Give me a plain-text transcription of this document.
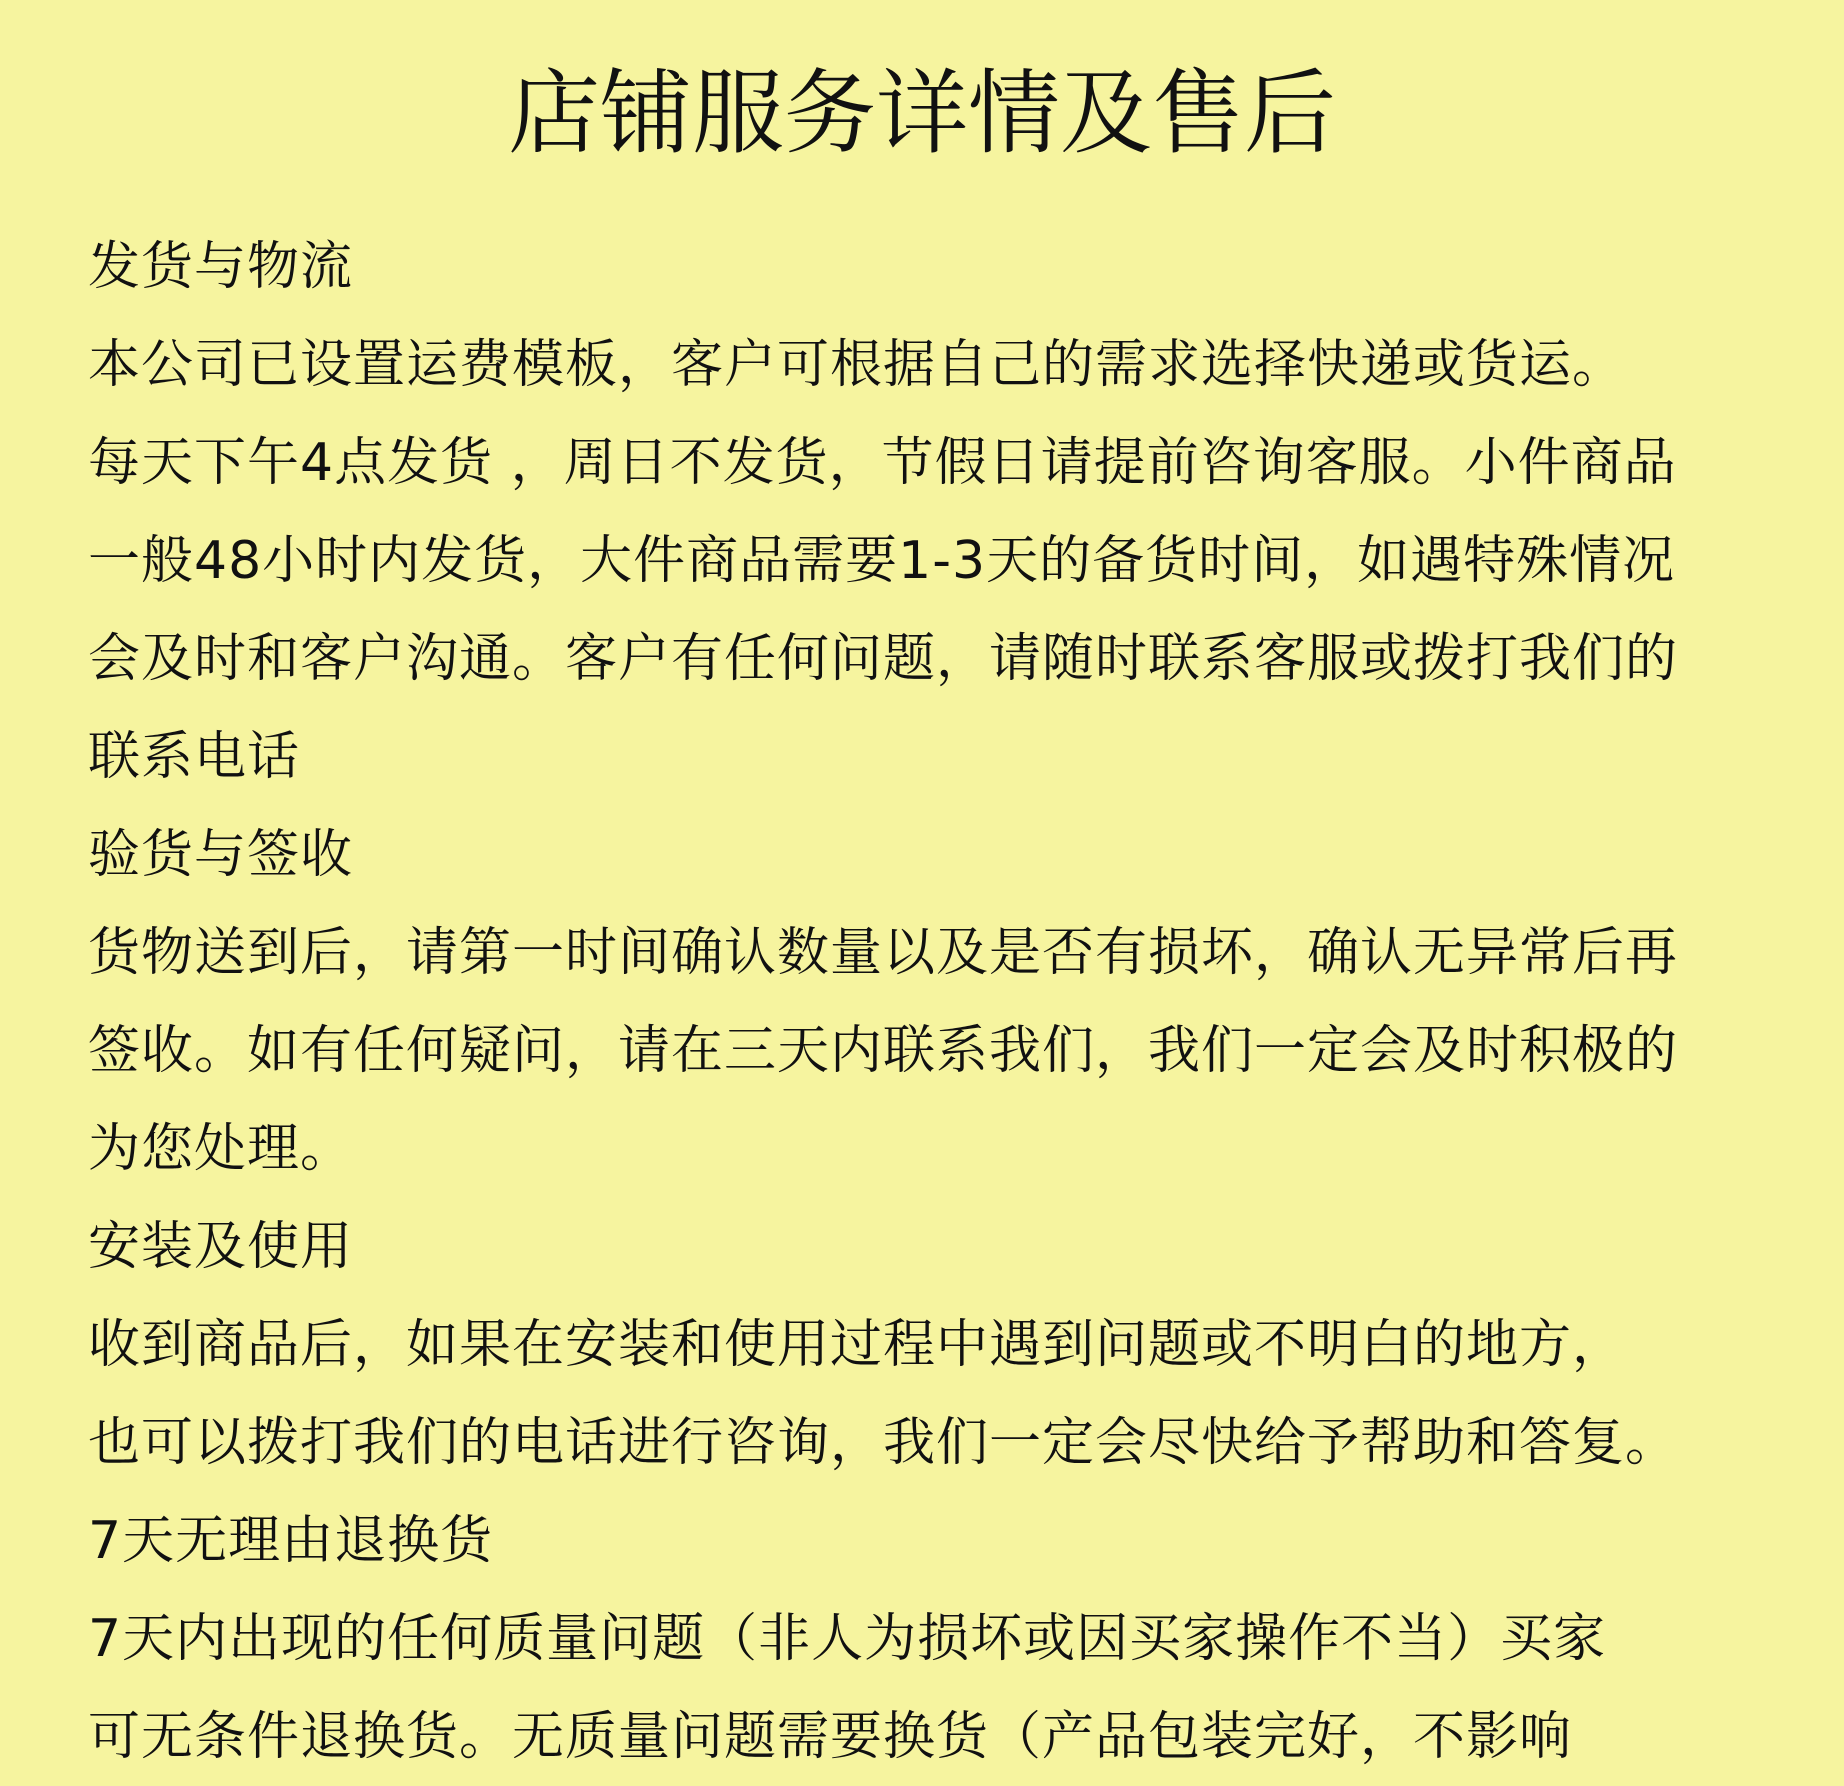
店铺服务详情及售后
发货与物流
本公司已设置运费模板，客户可根据自己的需求选择快递或货运。
每天下午4点发货 ，周日不发货，节假日请提前咨询客服。小件商品
一般48小时内发货，大件商品需要1-3天的备货时间，如遇特殊情况
会及时和客户沟通。客户有任何问题，请随时联系客服或拨打我们的
联系电话
验货与签收
货物送到后，请第一时间确认数量以及是否有损坏，确认无异常后再
签收。如有任何疑问，请在三天内联系我们，我们一定会及时积极的
为您处理。
安装及使用
收到商品后，如果在安装和使用过程中遇到问题或不明白的地方，
也可以拨打我们的电话进行咨询，我们一定会尽快给予帮助和答复。
7天无理由退换货
7天内出现的任何质量问题（非人为损坏或因买家操作不当）买家
可无条件退换货。无质量问题需要换货（产品包装完好，不影响
